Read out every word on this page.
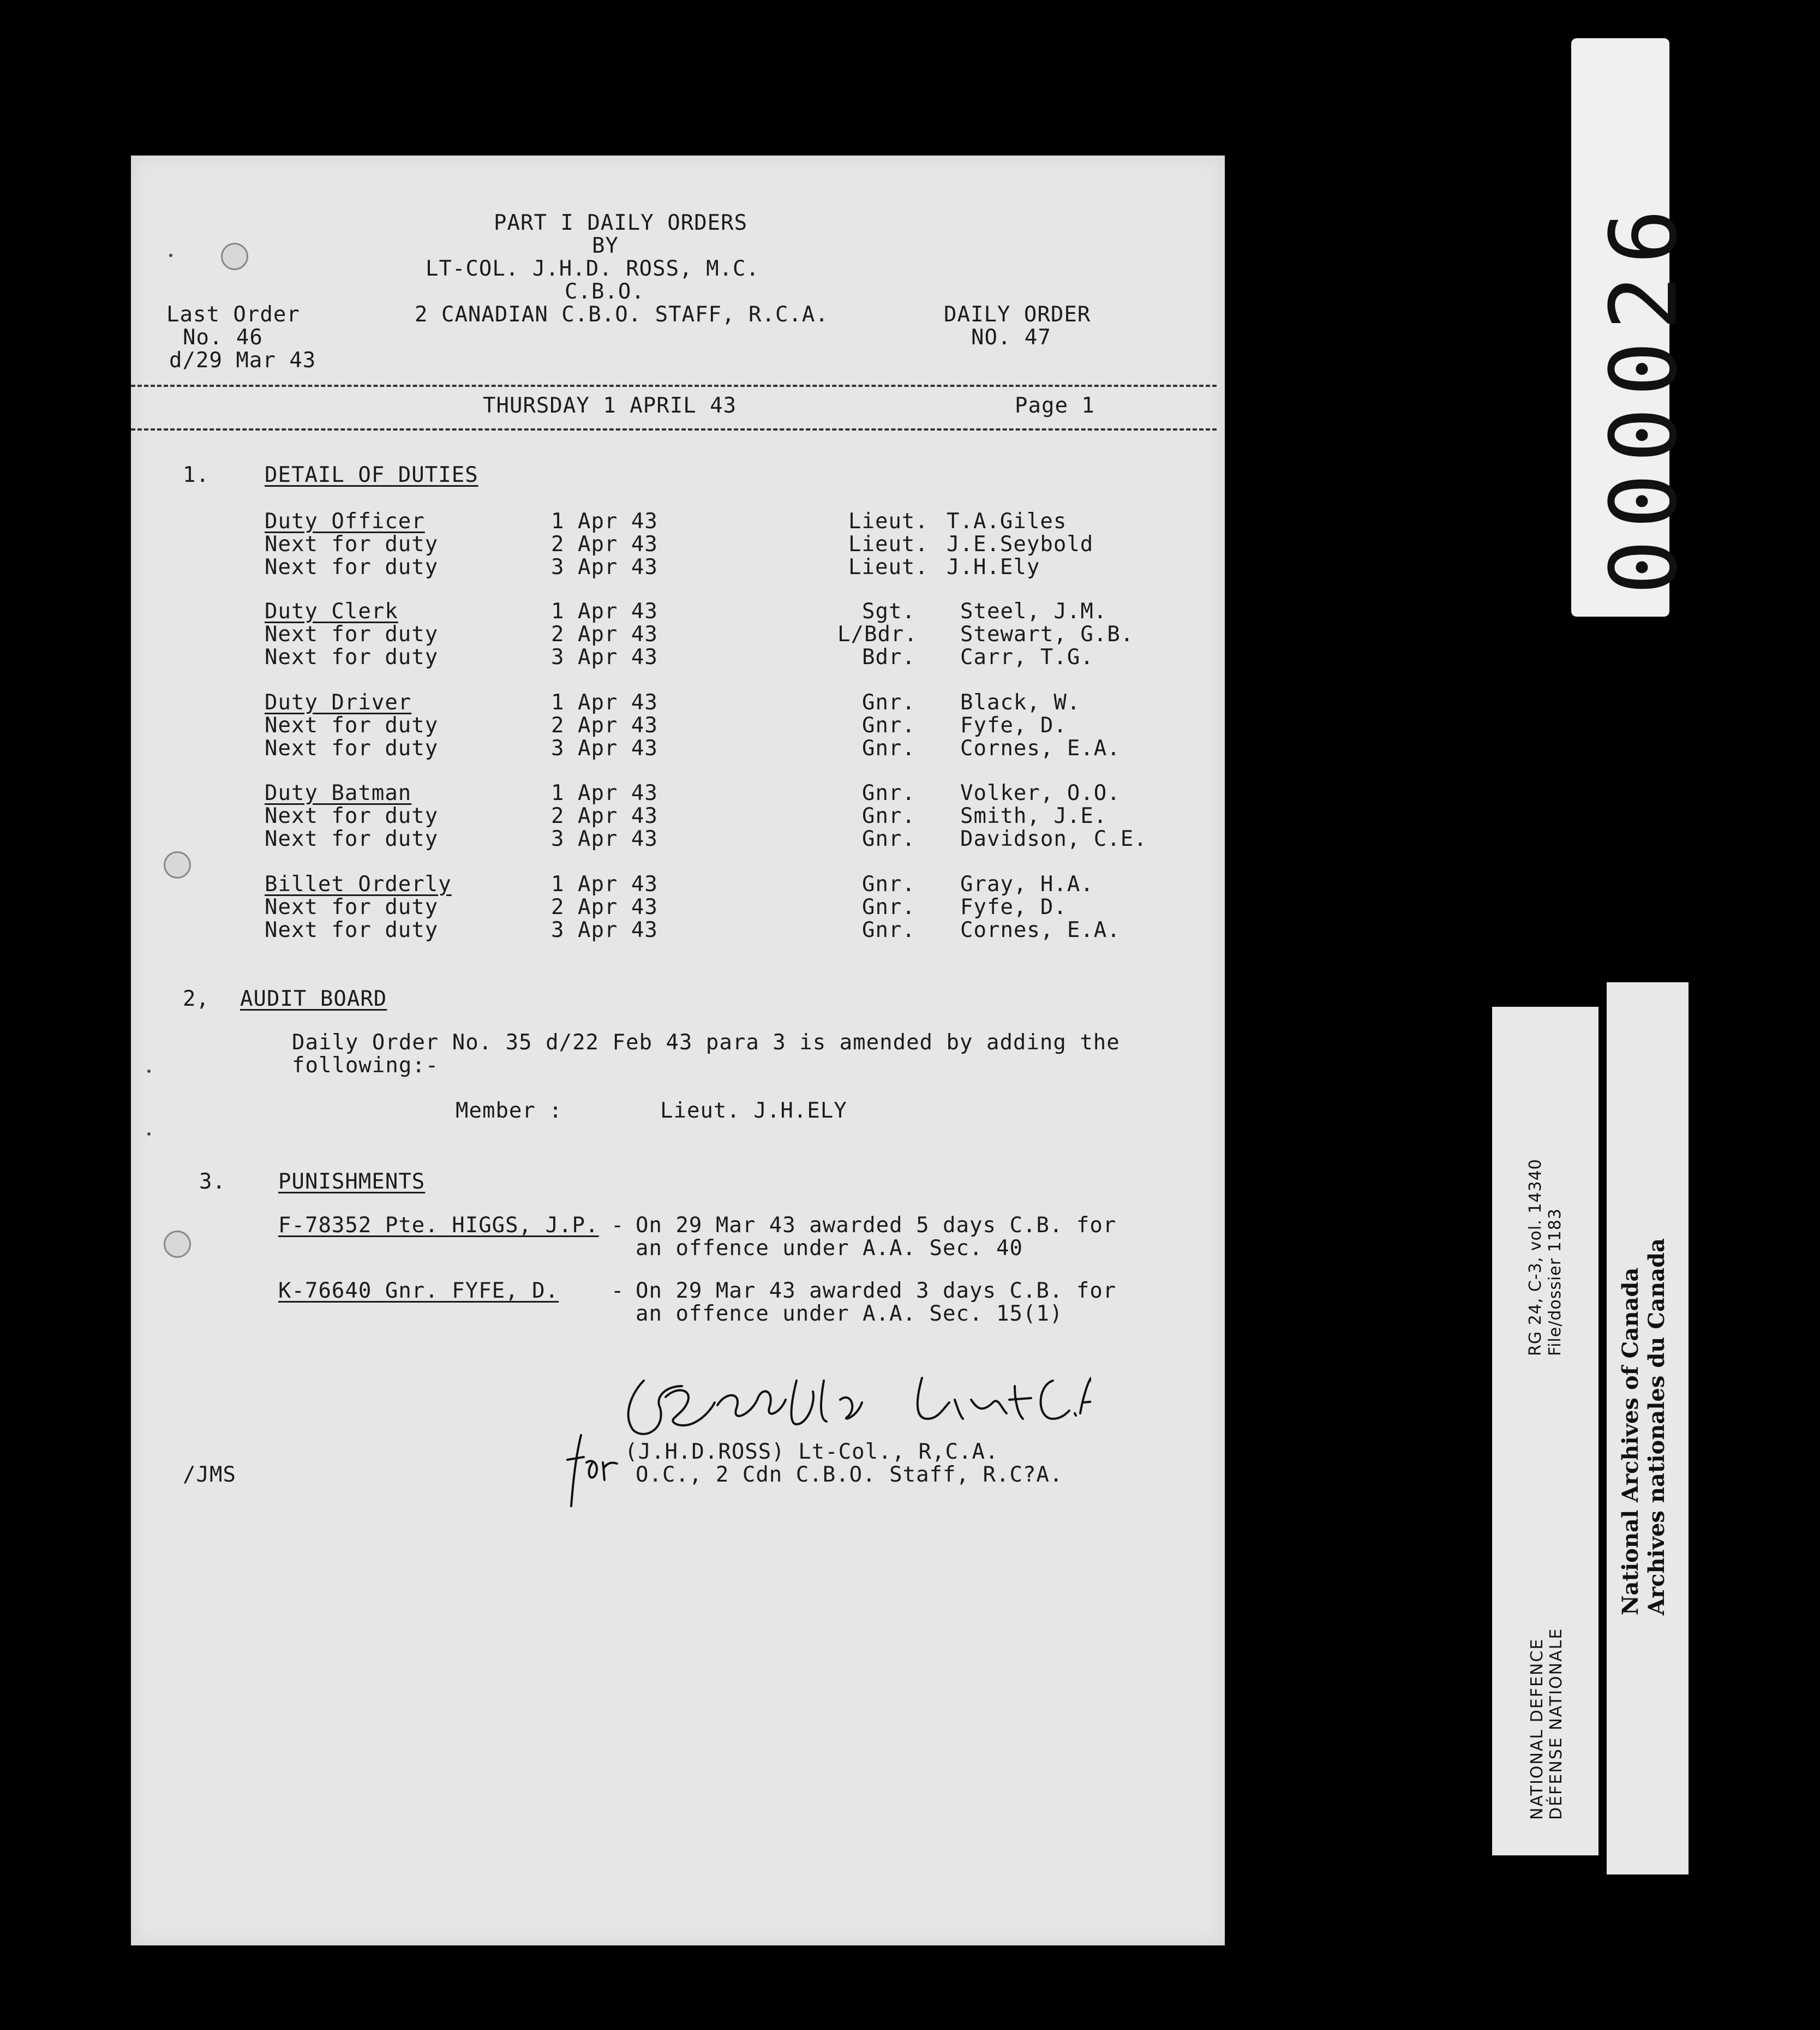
PART I DAILY ORDERS
BY
LT-COL. J.H.D. ROSS, M.C.
C.B.O.
2 CANADIAN C.B.O. STAFF, R.C.A.
Last Order
No. 46
d/29 Mar 43
DAILY ORDER
NO. 47
THURSDAY 1 APRIL 43	Page 1
1.	DETAIL OF DUTIES
Duty Officer	1 Apr 43	Lieut. T.A.Giles
Next for duty	2 Apr 43	Lieut. J.E.Seybold
Next for duty	3 Apr 43	Lieut. J.H.Ely
Duty Clerk	1 Apr 43	Sgt. Steel, J.M.
Next for duty	2 Apr 43	L/Bdr. Stewart, G.B.
Next for duty	3 Apr 43	Bdr. Carr, T.G.
Duty Driver	1 Apr 43	Gnr. Black, W.
Next for duty	2 Apr 43	Gnr. Fyfe, D.
Next for duty	3 Apr 43	Gnr. Cornes, E.A.
Duty Batman	1 Apr 43	Gnr. Volker, O.O.
Next for duty	2 Apr 43	Gnr. Smith, J.E.
Next for duty	3 Apr 43	Gnr. Davidson, C.E.
Billet Orderly	1 Apr 43	Gnr. Gray, H.A.
Next for duty	2 Apr 43	Gnr. Fyfe, D.
Next for duty	3 Apr 43	Gnr. Cornes, E.A.
2, AUDIT BOARD
Daily Order No. 35 d/22 Feb 43 para 3 is amended by adding the
following:-
Member :	Lieut. J.H.ELY
3. PUNISHMENTS
F-78352 Pte. HIGGS, J.P. - On 29 Mar 43 awarded 5 days C.B. for
an offence under A.A. Sec. 40
K-76640 Gnr. FYFE, D. - On 29 Mar 43 awarded 3 days C.B. for
an offence under A.A. Sec. 15(1)
(J.H.D.ROSS) Lt-Col., R,C.A.
O.C., 2 Cdn C.B.O. Staff, R.C?A.
/JMS
000026
NATIONAL DEFENCE DÉFENSE NATIONALE
RG 24, C-3, vol. 14340 File/dossier 1183 National Archives of Canada Archives nationales du Canada
